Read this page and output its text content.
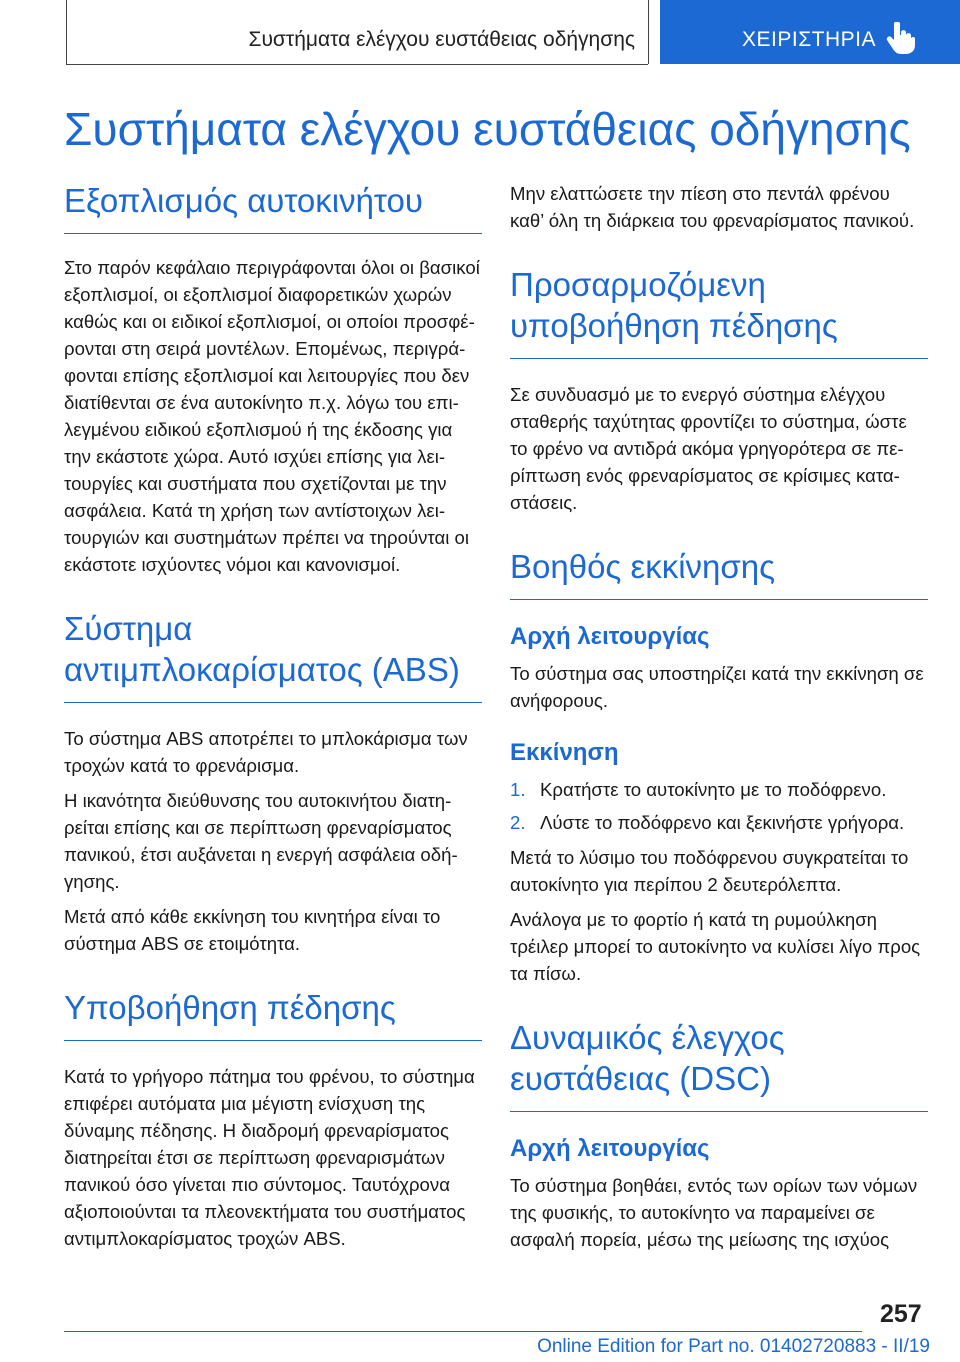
Συστήματα ελέγχου ευστάθειας οδήγησης	ΧΕΙΡΙΣΤΗΡΙΑ
Συστήματα ελέγχου ευστάθειας οδήγησης
Εξοπλισμός αυτοκινήτου

Στο παρόν κεφάλαιο περιγράφονται όλοι οι βασικοί εξοπλισμοί, οι εξοπλισμοί διαφορετικών χωρών καθώς και οι ειδικοί εξοπλισμοί, οι οποίοι προσφέρονται στη σειρά μοντέλων. Επομένως, περιγράφονται επίσης εξοπλισμοί και λειτουργίες που δεν διατίθενται σε ένα αυτοκίνητο π.χ. λόγω του επιλεγμένου ειδικού εξοπλισμού ή της έκδοσης για την εκάστοτε χώρα. Αυτό ισχύει επίσης για λειτουργίες και συστήματα που σχετίζονται με την ασφάλεια. Κατά τη χρήση των αντίστοιχων λειτουργιών και συστημάτων πρέπει να τηρούνται οι εκάστοτε ισχύοντες νόμοι και κανονισμοί.

Σύστημα αντιμπλοκαρίσματος (ABS)

Το σύστημα ABS αποτρέπει το μπλοκάρισμα των τροχών κατά το φρενάρισμα.

Η ικανότητα διεύθυνσης του αυτοκινήτου διατηρείται επίσης και σε περίπτωση φρεναρίσματος πανικού, έτσι αυξάνεται η ενεργή ασφάλεια οδήγησης.

Μετά από κάθε εκκίνηση του κινητήρα είναι το σύστημα ABS σε ετοιμότητα.

Υποβοήθηση πέδησης

Κατά το γρήγορο πάτημα του φρένου, το σύστημα επιφέρει αυτόματα μια μέγιστη ενίσχυση της δύναμης πέδησης. Η διαδρομή φρεναρίσματος διατηρείται έτσι σε περίπτωση φρεναρισμάτων πανικού όσο γίνεται πιο σύντομος. Ταυτόχρονα αξιοποιούνται τα πλεονεκτήματα του συστήματος αντιμπλοκαρίσματος τροχών ABS.

Μην ελαττώσετε την πίεση στο πεντάλ φρένου καθ’ όλη τη διάρκεια του φρεναρίσματος πανικού.

Προσαρμοζόμενη υποβοήθηση πέδησης

Σε συνδυασμό με το ενεργό σύστημα ελέγχου σταθερής ταχύτητας φροντίζει το σύστημα, ώστε το φρένο να αντιδρά ακόμα γρηγορότερα σε περίπτωση ενός φρεναρίσματος σε κρίσιμες καταστάσεις.

Βοηθός εκκίνησης
Αρχή λειτουργίας

Το σύστημα σας υποστηρίζει κατά την εκκίνηση σε ανήφορους.

Εκκίνηση
1. Κρατήστε το αυτοκίνητο με το ποδόφρενο.
2. Λύστε το ποδόφρενο και ξεκινήστε γρήγορα.

Μετά το λύσιμο του ποδόφρενου συγκρατείται το αυτοκίνητο για περίπου 2 δευτερόλεπτα.

Ανάλογα με το φορτίο ή κατά τη ρυμούλκηση τρέιλερ μπορεί το αυτοκίνητο να κυλίσει λίγο προς τα πίσω.

Δυναμικός έλεγχος ευστάθειας (DSC)
Αρχή λειτουργίας

Το σύστημα βοηθάει, εντός των ορίων των νόμων της φυσικής, το αυτοκίνητο να παραμείνει σε ασφαλή πορεία, μέσω της μείωσης της ισχύος

257
Online Edition for Part no. 01402720883 - II/19
